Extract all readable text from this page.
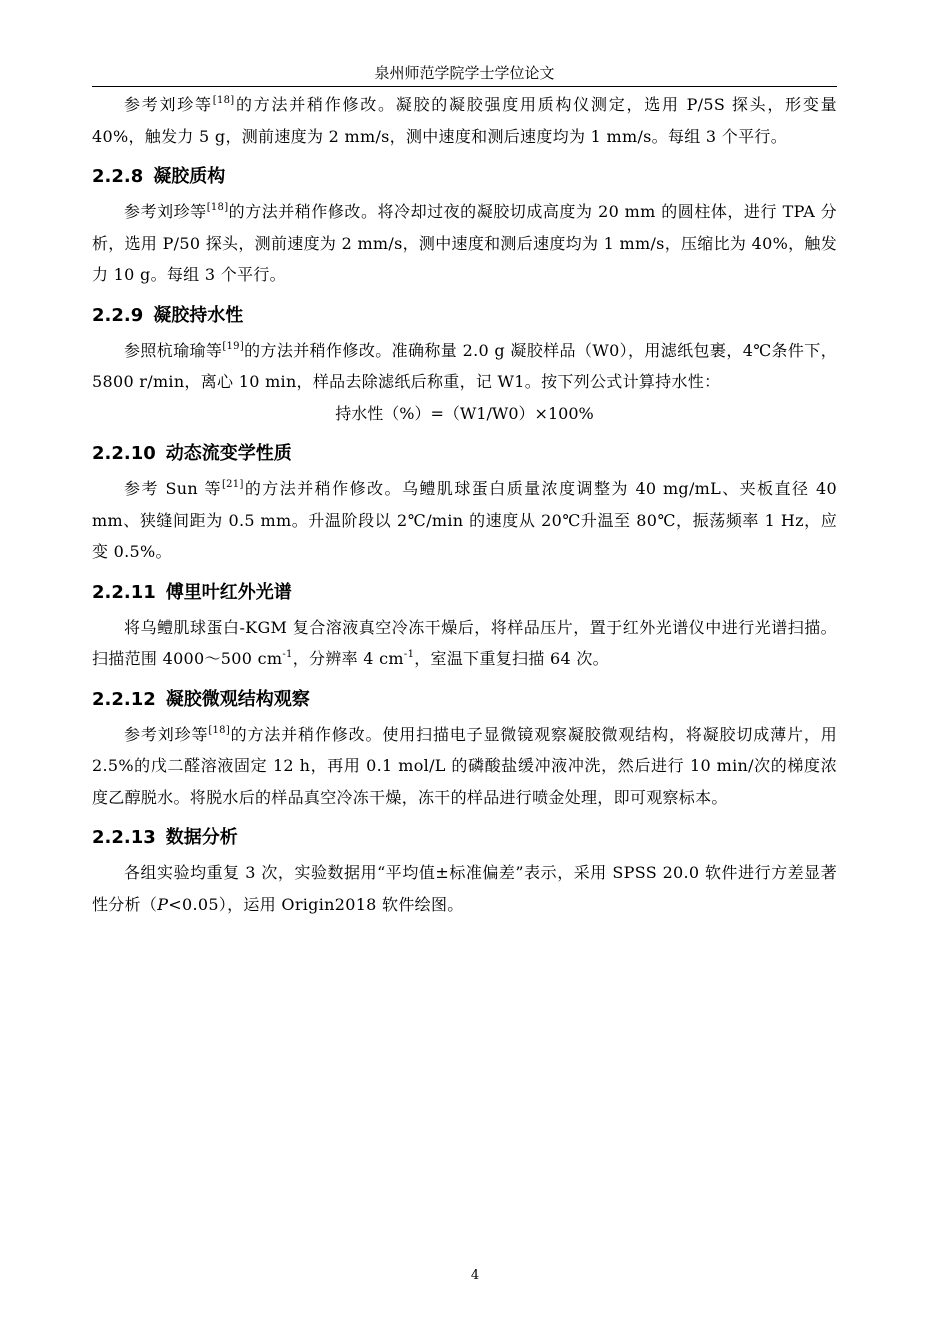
泉州师范学院学士学位论文

参考刘珍等[18]的方法并稍作修改。凝胶的凝胶强度用质构仪测定，选用 P/5S 探头，形变量 40%，触发力 5 g，测前速度为 2 mm/s，测中速度和测后速度均为 1 mm/s。每组 3 个平行。

2.2.8 凝胶质构

参考刘珍等[18]的方法并稍作修改。将冷却过夜的凝胶切成高度为 20 mm 的圆柱体，进行 TPA 分析，选用 P/50 探头，测前速度为 2 mm/s，测中速度和测后速度均为 1 mm/s，压缩比为 40%，触发力 10 g。每组 3 个平行。

2.2.9 凝胶持水性

参照杭瑜瑜等[19]的方法并稍作修改。准确称量 2.0 g 凝胶样品（W0），用滤纸包裹，4℃条件下，5800 r/min，离心 10 min，样品去除滤纸后称重，记 W1。按下列公式计算持水性：

持水性（%）=（W1/W0）×100%

2.2.10 动态流变学性质

参考 Sun 等[21]的方法并稍作修改。乌鳢肌球蛋白质量浓度调整为 40 mg/mL、夹板直径 40 mm、狭缝间距为 0.5 mm。升温阶段以 2℃/min 的速度从 20℃升温至 80℃，振荡频率 1 Hz，应变 0.5%。

2.2.11 傅里叶红外光谱

将乌鳢肌球蛋白-KGM 复合溶液真空冷冻干燥后，将样品压片，置于红外光谱仪中进行光谱扫描。扫描范围 4000～500 $cm^{-1}$，分辨率 4 $cm^{-1}$，室温下重复扫描 64 次。

2.2.12 凝胶微观结构观察

参考刘珍等[18]的方法并稍作修改。使用扫描电子显微镜观察凝胶微观结构，将凝胶切成薄片，用 2.5%的戊二醛溶液固定 12 h，再用 0.1 mol/L 的磷酸盐缓冲液冲洗，然后进行 10 min/次的梯度浓度乙醇脱水。将脱水后的样品真空冷冻干燥，冻干的样品进行喷金处理，即可观察标本。

2.2.13 数据分析

各组实验均重复 3 次，实验数据用“平均值±标准偏差”表示，采用 SPSS 20.0 软件进行方差显著性分析（P<0.05），运用 Origin2018 软件绘图。

4
